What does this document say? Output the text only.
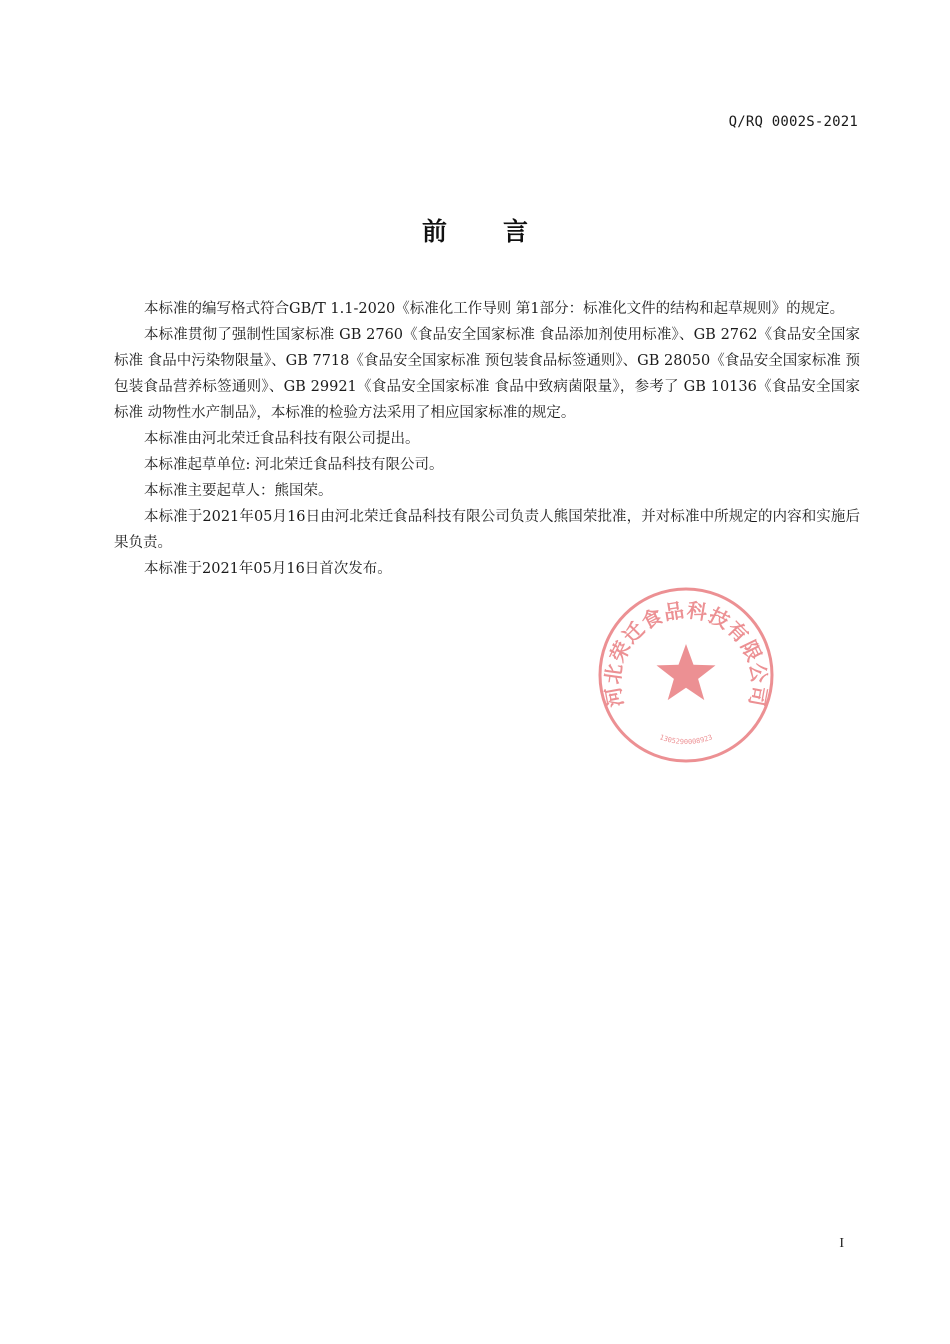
Q/RQ 0002S-2021
前言

本标准的编写格式符合GB/T 1.1-2020《标准化工作导则 第1部分：标准化文件的结构和起草规则》的规定。

本标准贯彻了强制性国家标准 GB 2760《食品安全国家标准 食品添加剂使用标准》、GB 2762《食品安全国家标准 食品中污染物限量》、GB 7718《食品安全国家标准 预包装食品标签通则》、GB 28050《食品安全国家标准 预包装食品营养标签通则》、GB 29921《食品安全国家标准 食品中致病菌限量》，参考了 GB 10136《食品安全国家标准 动物性水产制品》，本标准的检验方法采用了相应国家标准的规定。

本标准由河北荣迁食品科技有限公司提出。

本标准起草单位: 河北荣迁食品科技有限公司。

本标准主要起草人：熊国荣。

本标准于2021年05月16日由河北荣迁食品科技有限公司负责人熊国荣批准，并对标准中所规定的内容和实施后果负责。

本标准于2021年05月16日首次发布。

河北荣迁食品科技有限公司
1305290008923
I
